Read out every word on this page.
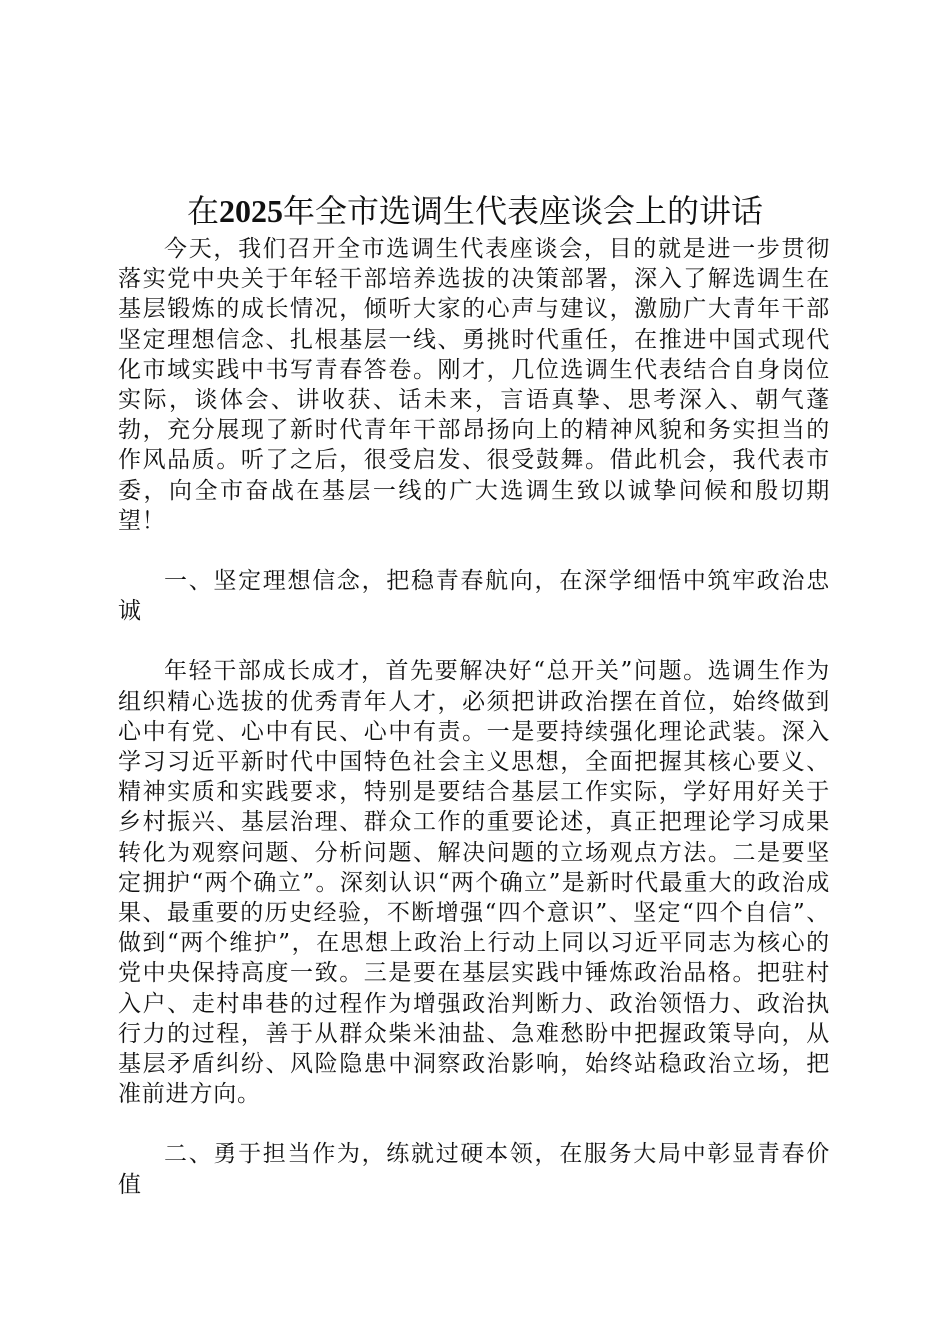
在2025年全市选调生代表座谈会上的讲话

今天，我们召开全市选调生代表座谈会，目的就是进一步贯彻落实党中央关于年轻干部培养选拔的决策部署，深入了解选调生在基层锻炼的成长情况，倾听大家的心声与建议，激励广大青年干部坚定理想信念、扎根基层一线、勇挑时代重任，在推进中国式现代化市域实践中书写青春答卷。刚才，几位选调生代表结合自身岗位实际，谈体会、讲收获、话未来，言语真挚、思考深入、朝气蓬勃，充分展现了新时代青年干部昂扬向上的精神风貌和务实担当的作风品质。听了之后，很受启发、很受鼓舞。借此机会，我代表市委，向全市奋战在基层一线的广大选调生致以诚挚问候和殷切期望！

一、坚定理想信念，把稳青春航向，在深学细悟中筑牢政治忠诚

年轻干部成长成才，首先要解决好“总开关”问题。选调生作为组织精心选拔的优秀青年人才，必须把讲政治摆在首位，始终做到心中有党、心中有民、心中有责。一是要持续强化理论武装。深入学习习近平新时代中国特色社会主义思想，全面把握其核心要义、精神实质和实践要求，特别是要结合基层工作实际，学好用好关于乡村振兴、基层治理、群众工作的重要论述，真正把理论学习成果转化为观察问题、分析问题、解决问题的立场观点方法。二是要坚定拥护“两个确立”。深刻认识“两个确立”是新时代最重大的政治成果、最重要的历史经验，不断增强“四个意识”、坚定“四个自信”、做到“两个维护”，在思想上政治上行动上同以习近平同志为核心的党中央保持高度一致。三是要在基层实践中锤炼政治品格。把驻村入户、走村串巷的过程作为增强政治判断力、政治领悟力、政治执行力的过程，善于从群众柴米油盐、急难愁盼中把握政策导向，从基层矛盾纠纷、风险隐患中洞察政治影响，始终站稳政治立场，把准前进方向。

二、勇于担当作为，练就过硬本领，在服务大局中彰显青春价值
